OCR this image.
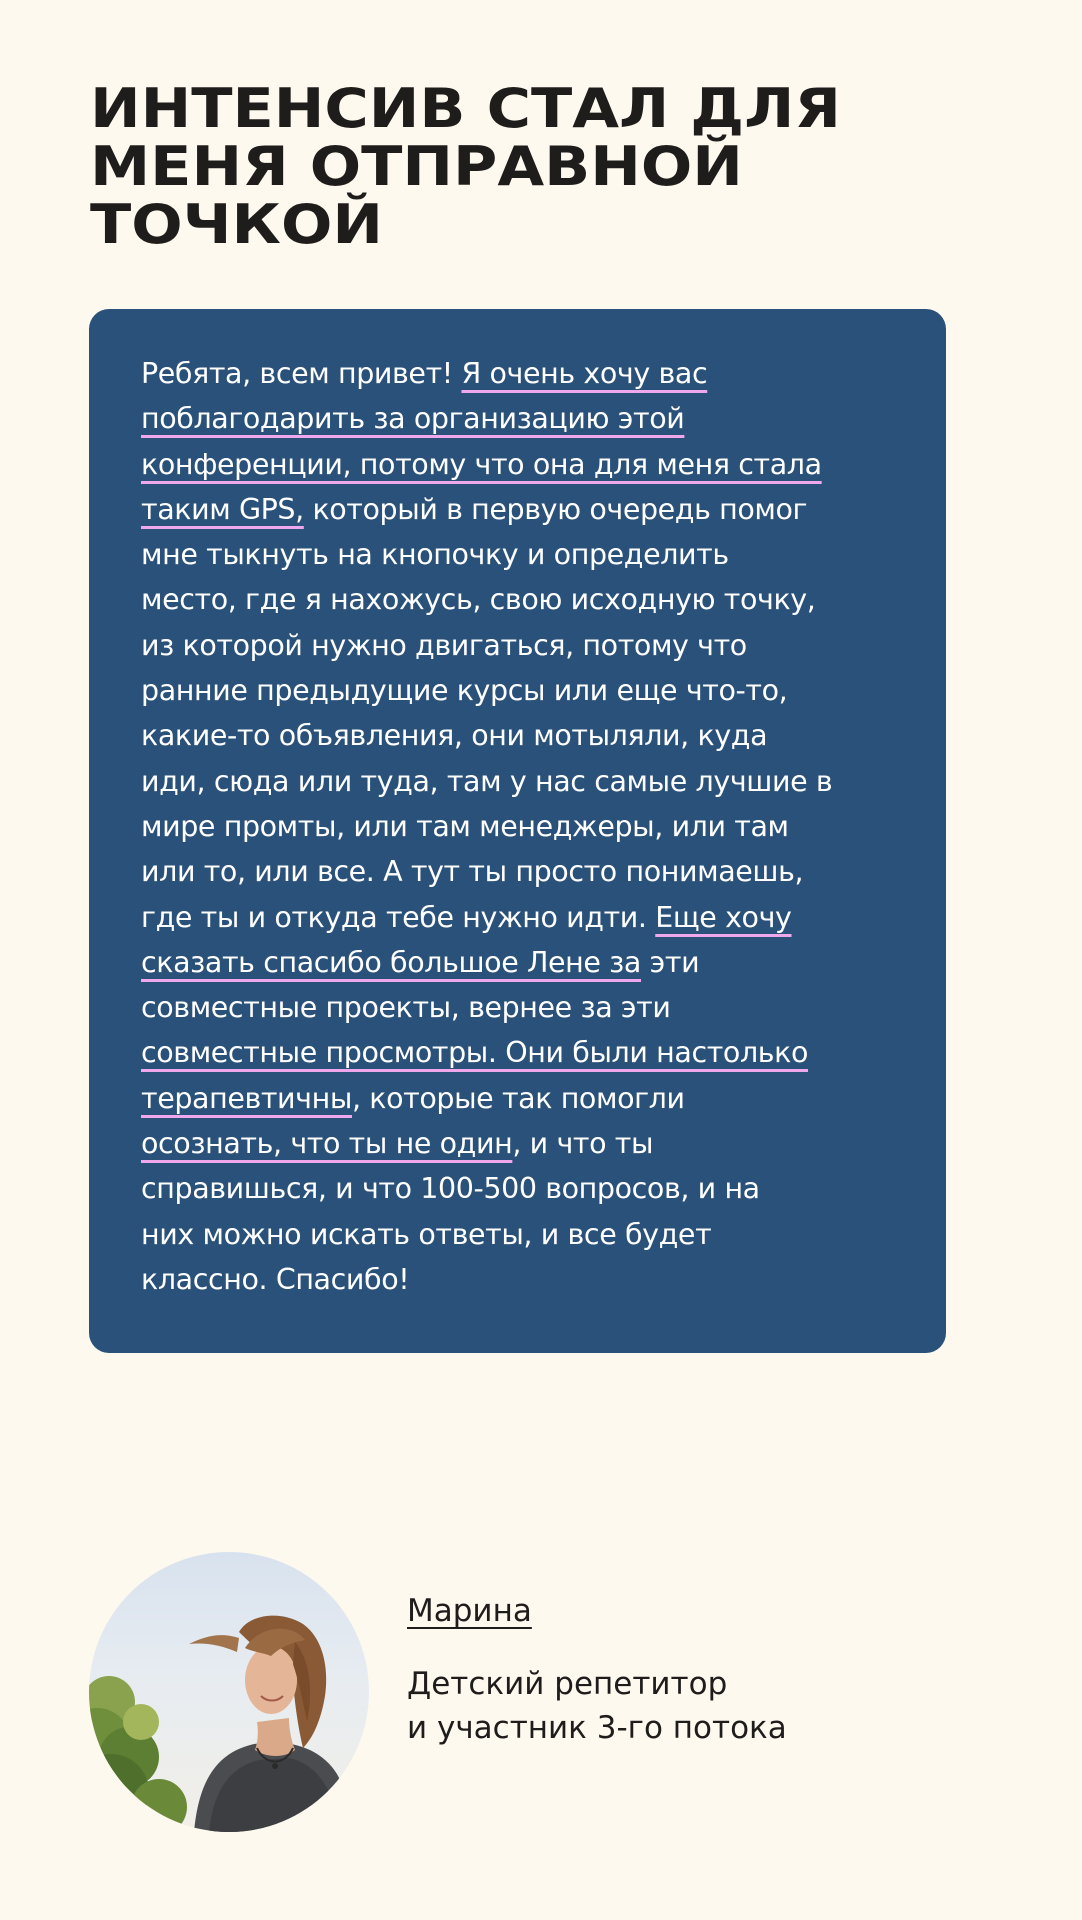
ИНТЕНСИВ СТАЛ ДЛЯ
МЕНЯ ОТПРАВНОЙ
ТОЧКОЙ

Ребята, всем привет! Я очень хочу вас
поблагодарить за организацию этой
конференции, потому что она для меня стала
таким GPS, который в первую очередь помог
мне тыкнуть на кнопочку и определить
место, где я нахожусь, свою исходную точку,
из которой нужно двигаться, потому что
ранние предыдущие курсы или еще что-то,
какие-то объявления, они мотыляли, куда
иди, сюда или туда, там у нас самые лучшие в
мире промты, или там менеджеры, или там
или то, или все. А тут ты просто понимаешь,
где ты и откуда тебе нужно идти. Еще хочу
сказать спасибо большое Лене за эти
совместные проекты, вернее за эти
совместные просмотры. Они были настолько
терапевтичны, которые так помогли
осознать, что ты не один, и что ты
справишься, и что 100-500 вопросов, и на
них можно искать ответы, и все будет
классно. Спасибо!

Марина

Детский репетитор
и участник 3-го потока
